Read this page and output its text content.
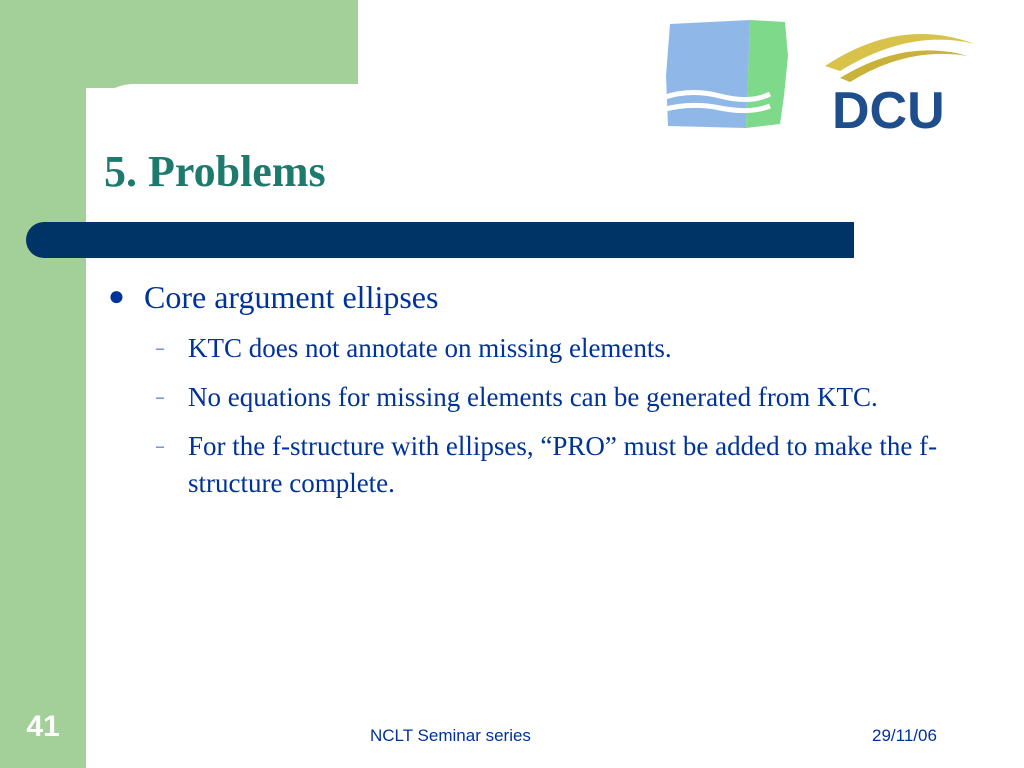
DCU
5. Problems
● Core argument ellipses
– KTC does not annotate on missing elements.
– No equations for missing elements can be generated from KTC.
– For the f-structure with ellipses, “PRO” must be added to make the f-structure complete.
41	NCLT Seminar series	29/11/06
